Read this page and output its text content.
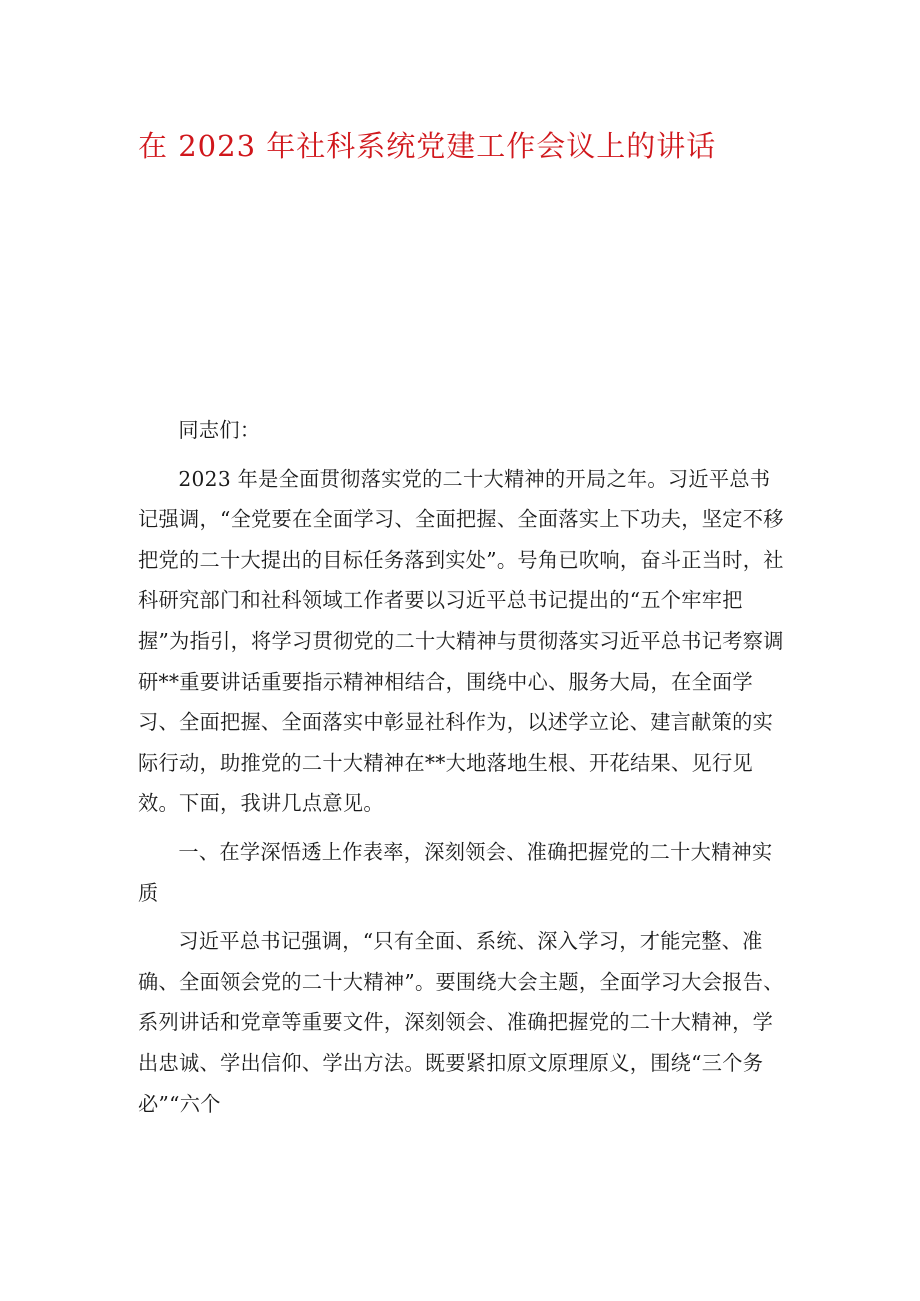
在 2023 年社科系统党建工作会议上的讲话

同志们：

2023 年是全面贯彻落实党的二十大精神的开局之年。习近平总书记强调，“全党要在全面学习、全面把握、全面落实上下功夫，坚定不移把党的二十大提出的目标任务落到实处”。号角已吹响，奋斗正当时，社科研究部门和社科领域工作者要以习近平总书记提出的“五个牢牢把握”为指引，将学习贯彻党的二十大精神与贯彻落实习近平总书记考察调研**重要讲话重要指示精神相结合，围绕中心、服务大局，在全面学习、全面把握、全面落实中彰显社科作为，以述学立论、建言献策的实际行动，助推党的二十大精神在**大地落地生根、开花结果、见行见效。下面，我讲几点意见。

一、在学深悟透上作表率，深刻领会、准确把握党的二十大精神实质

习近平总书记强调，“只有全面、系统、深入学习，才能完整、准确、全面领会党的二十大精神”。要围绕大会主题，全面学习大会报告、系列讲话和党章等重要文件，深刻领会、准确把握党的二十大精神，学出忠诚、学出信仰、学出方法。既要紧扣原文原理原义，围绕“三个务必”“六个
